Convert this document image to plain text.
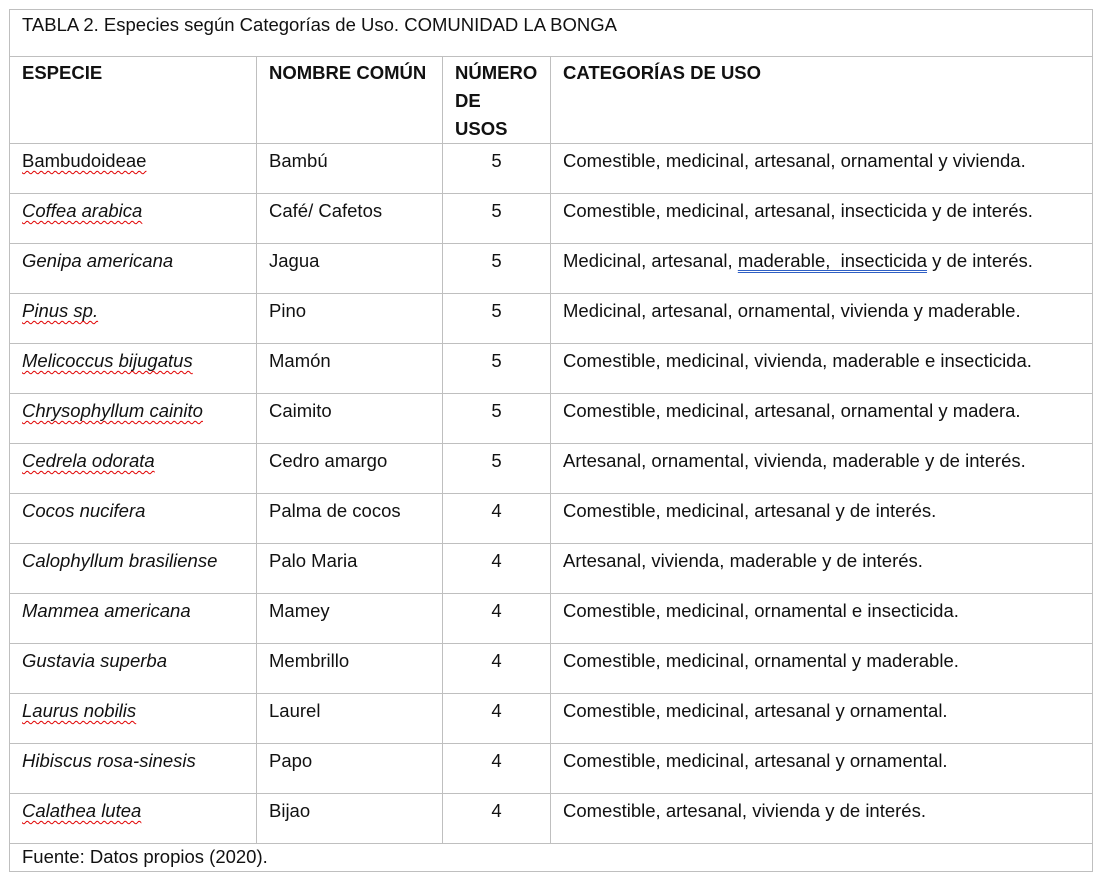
TABLA 2. Especies según Categorías de Uso. COMUNIDAD LA BONGA			
ESPECIE	NOMBRE COMÚN	NÚMERO DE USOS	CATEGORÍAS DE USO
Bambudoideae	Bambú	5	Comestible, medicinal, artesanal, ornamental y vivienda.
Coffea arabica	Café/ Cafetos	5	Comestible, medicinal, artesanal, insecticida y de interés.
Genipa americana	Jagua	5	Medicinal, artesanal, maderable,  insecticida y de interés.
Pinus sp.	Pino	5	Medicinal, artesanal, ornamental, vivienda y maderable.
Melicoccus bijugatus	Mamón	5	Comestible, medicinal, vivienda, maderable e insecticida.
Chrysophyllum cainito	Caimito	5	Comestible, medicinal, artesanal, ornamental y madera.
Cedrela odorata	Cedro amargo	5	Artesanal, ornamental, vivienda, maderable y de interés.
Cocos nucifera	Palma de cocos	4	Comestible, medicinal, artesanal y de interés.
Calophyllum brasiliense	Palo Maria	4	Artesanal, vivienda, maderable y de interés.
Mammea americana	Mamey	4	Comestible, medicinal, ornamental e insecticida.
Gustavia superba	Membrillo	4	Comestible, medicinal, ornamental y maderable.
Laurus nobilis	Laurel	4	Comestible, medicinal, artesanal y ornamental.
Hibiscus rosa-sinesis	Papo	4	Comestible, medicinal, artesanal y ornamental.
Calathea lutea	Bijao	4	Comestible, artesanal, vivienda y de interés.
Fuente: Datos propios (2020).			
